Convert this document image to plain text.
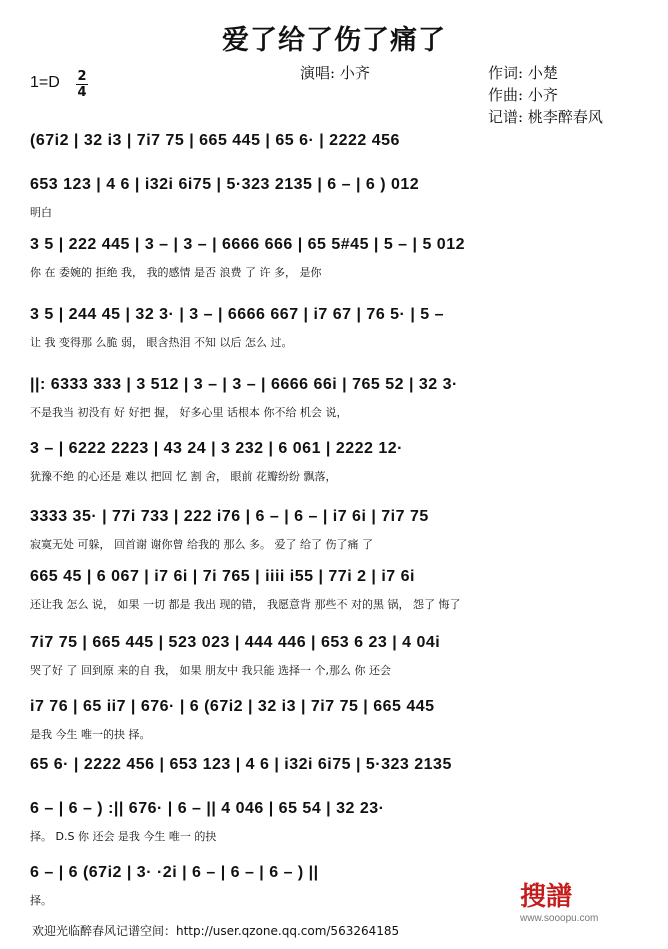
爱了给了伤了痛了
1=D 2
4
演唱: 小齐	作词: 小楚
作曲: 小齐
记谱: 桃李醉春风
(67i2 | 32 i3 | 7i7 75 | 665 445 | 65 6· | 2222 456
653 123 | 4 6 | i32i 6i75 | 5·323 2135 | 6 – | 6 ) 012
明白
3 5 | 222 445 | 3 – | 3 – | 6666 666 | 65 5#45 | 5 – | 5 012
你 在 委婉的 拒绝 我， 我的感情 是否 浪费 了 许 多， 是你
3 5 | 244 45 | 32 3· | 3 – | 6666 667 | i7 67 | 76 5· | 5 –
让 我 变得那 么脆 弱， 眼含热泪 不知 以后 怎么 过。
||: 6333 333 | 3 512 | 3 – | 3 – | 6666 66i | 765 52 | 32 3·
不是我当 初没有 好 好把 握， 好多心里 话根本 你不给 机会 说，
3 – | 6222 2223 | 43 24 | 3 232 | 6 061 | 2222 12·
犹豫不绝 的心还是 难以 把回 忆 割 舍， 眼前 花瓣纷纷 飘落，
3333 35· | 77i 733 | 222 i76 | 6 – | 6 – | i7 6i | 7i7 75
寂寞无处 可躲， 回首谢 谢你曾 给我的 那么 多。 爱了 给了 伤了痛 了
665 45 | 6 067 | i7 6i | 7i 765 | iiii i55 | 77i 2 | i7 6i
还让我 怎么 说， 如果 一切 都是 我出 现的错， 我愿意背 那些不 对的黑 锅， 怨了 悔了
7i7 75 | 665 445 | 523 023 | 444 446 | 653 6 23 | 4 04i
哭了好 了 回到原 来的自 我， 如果 朋友中 我只能 选择一 个,那么 你 还会
i7 76 | 65 ii7 | 676· | 6 (67i2 | 32 i3 | 7i7 75 | 665 445
是我 今生 唯一的抉 择。
65 6· | 2222 456 | 653 123 | 4 6 | i32i 6i75 | 5·323 2135
6 – | 6 – ) :|| 676· | 6 – || 4 046 | 65 54 | 32 23·
择。 D.S 你 还会 是我 今生 唯一 的抉
6 – | 6 (67i2 | 3· ·2i | 6 – | 6 – | 6 – ) ||
择。	搜譜
www.sooopu.com
欢迎光临醉春风记谱空间：http://user.qzone.qq.com/563264185
